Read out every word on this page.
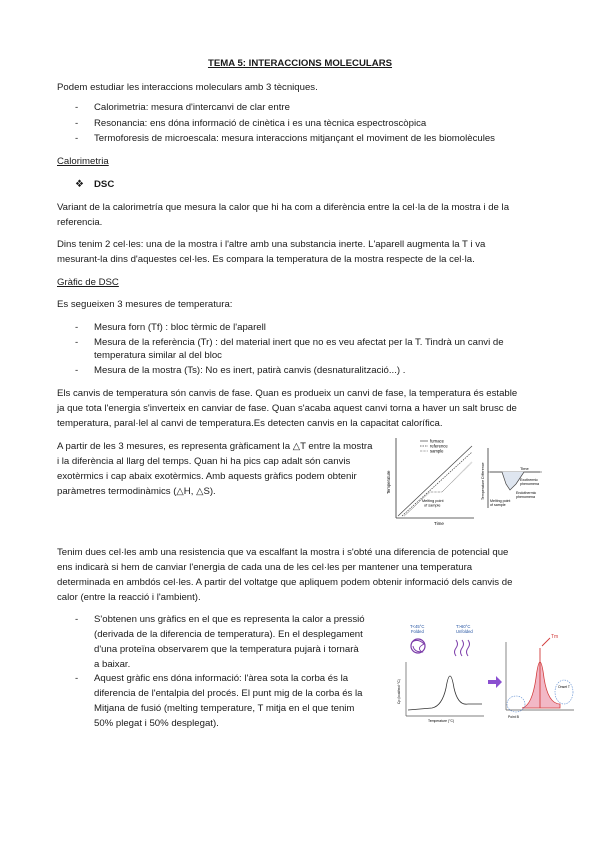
TEMA 5: INTERACCIONS MOLECULARS
Podem estudiar les interaccions moleculars amb 3 tècniques.
- Calorimetria: mesura d'intercanvi de clar entre
- Resonancia: ens dóna informació de cinètica i es una tècnica espectroscòpica
- Termoforesis de microescala: mesura interaccions mitjançant el moviment de les biomolècules
Calorimetria
❖ DSC
Variant de la calorimetría que mesura la calor que hi ha com a diferència entre la cel·la de la mostra i de la
referencia.
Dins tenim 2 cel·les: una de la mostra i l'altre amb una substancia inerte. L'aparell augmenta la T i va
mesurant-la dins d'aquestes cel·les. Es compara la temperatura de la mostra respecte de la cel·la.
Gràfic de DSC
Es segueixen 3 mesures de temperatura:
- Mesura forn (Tf) : bloc tèrmic de l'aparell
- Mesura de la referència (Tr) : del material inert que no es veu afectat per la T. Tindrà un canvi de
temperatura similar al del bloc
- Mesura de la mostra (Ts): No es inert, patirà canvis (desnaturalització...) .
Els canvis de temperatura són canvis de fase. Quan es produeix un canvi de fase, la temperatura és estable
ja que tota l'energia s'inverteix en canviar de fase. Quan s'acaba aquest canvi torna a haver un salt brusc de
temperatura, paral·lel al canvi de temperatura.Es detecten canvis en la capacitat calorífica.
A partir de les 3 mesures, es representa gràficament la △T entre la mostra
i la diferència al llarg del temps. Quan hi ha pics cap adalt són canvis
exotèrmics i cap abaix exotèrmics. Amb aquests gràfics podem obtenir
paràmetres termodinàmics (△H, △S).	Temperature
Time
furnace
reference
sample
Melting point
of sample
Temperature Difference	Time
Exothermic
phenomena
Endothermic
phenomena
Melting point
of sample
Tenim dues cel·les amb una resistencia que va escalfant la mostra i s'obté una diferencia de potencial que
ens indicarà si hem de canviar l'energia de cada una de les cel·les per mantener una temperatura
determinada en ambdós cel·les. A partir del voltatge que apliquem podem obtenir informació dels canvis de
calor (entre la reacció i l'ambient).
- S'obtenen uns gràfics en el que es representa la calor a pressió
(derivada de la diferencia de temperatura). En el desplegament
d'una proteïna observarem que la temperatura pujarà i tornarà
a baixar.
- Aquest gràfic ens dóna informació: l'àrea sota la corba és la
diferencia de l'entalpia del procés. El punt mig de la corba és la
Mitjana de fusió (melting temperature, T mitja en el que tenim
50% plegat i 50% desplegat).
T<45°C
Folded
T>60°C
Unfolded
Cp (kcal/mol·°C)
Temperature (°C)
Tm
Onset T
Point B
